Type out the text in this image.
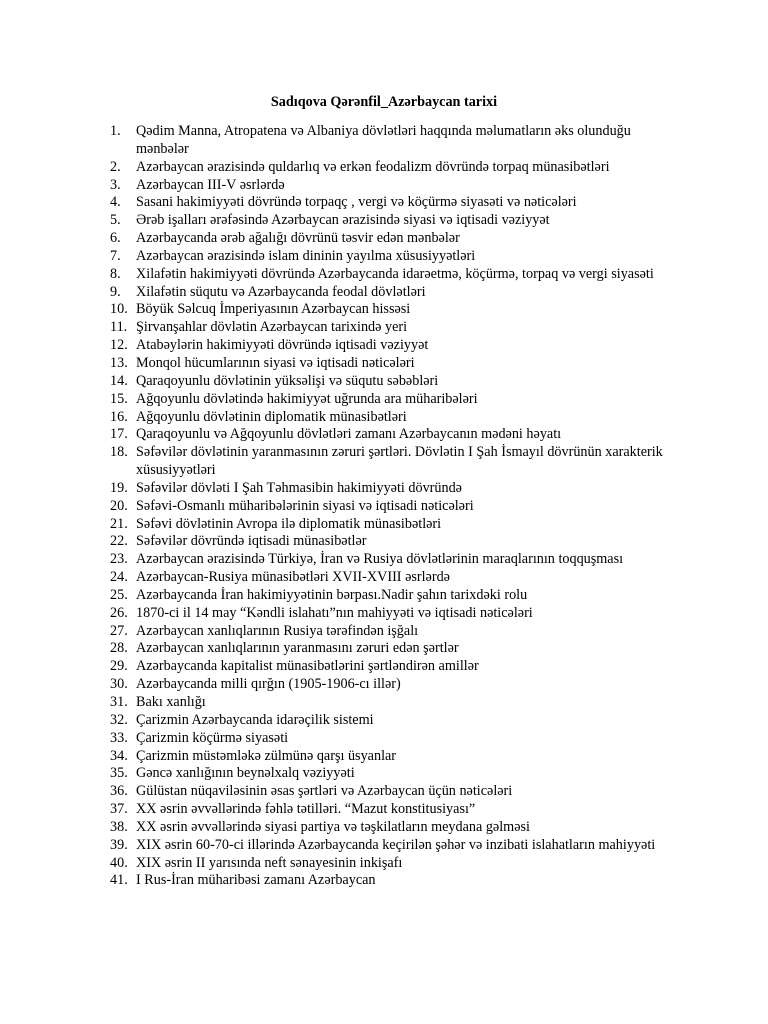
Sadıqova Qərənfil_Azərbaycan tarixi
1.	Qədim Manna, Atropatena və Albaniya dövlətləri haqqında məlumatların əks olunduğu mənbələr
2.	Azərbaycan ərazisində quldarlıq və erkən feodalizm dövründə torpaq münasibətləri
3.	Azərbaycan III-V əsrlərdə
4.	Sasani hakimiyyəti dövründə torpaqç , vergi və köçürmə siyasəti və nəticələri
5.	Ərəb işalları ərəfəsində Azərbaycan ərazisində siyasi və iqtisadi vəziyyət
6.	Azərbaycanda ərəb ağalığı dövrünü təsvir edən mənbələr
7.	Azərbaycan ərazisində islam dininin yayılma xüsusiyyətləri
8.	Xilafətin hakimiyyəti dövründə Azərbaycanda idarəetmə, köçürmə, torpaq və vergi siyasəti
9.	Xilafətin süqutu və Azərbaycanda feodal dövlətləri
10. Böyük Səlcuq İmperiyasının Azərbaycan hissəsi
11. Şirvanşahlar dövlətin Azərbaycan tarixində yeri
12. Atabəylərin hakimiyyəti dövründə iqtisadi vəziyyət
13. Monqol hücumlarının siyasi və iqtisadi nəticələri
14. Qaraqoyunlu dövlətinin yüksəlişi və süqutu səbəbləri
15. Ağqoyunlu dövlətində hakimiyyət uğrunda ara müharibələri
16. Ağqoyunlu dövlətinin diplomatik münasibətləri
17. Qaraqoyunlu və Ağqoyunlu dövlətləri zamanı Azərbaycanın mədəni həyatı
18. Səfəvilər dövlətinin yaranmasının zəruri şərtləri. Dövlətin I Şah İsmayıl dövrünün xarakterik xüsusiyyətləri
19. Səfəvilər dövləti I Şah Təhmasibin hakimiyyəti dövründə
20. Səfəvi-Osmanlı müharibələrinin siyasi və iqtisadi nəticələri
21. Səfəvi dövlətinin Avropa ilə diplomatik münasibətləri
22. Səfəvilər dövründə iqtisadi münasibətlər
23. Azərbaycan ərazisində Türkiyə, İran və Rusiya dövlətlərinin maraqlarının toqquşması
24. Azərbaycan-Rusiya münasibətləri XVII-XVIII əsrlərdə
25. Azərbaycanda İran hakimiyyətinin bərpası.Nadir şahın tarixdəki rolu
26. 1870-ci il 14 may “Kəndli islahatı”nın mahiyyəti və iqtisadi nəticələri
27. Azərbaycan xanlıqlarının Rusiya tərəfindən işğalı
28. Azərbaycan xanlıqlarının yaranmasını zəruri edən şərtlər
29. Azərbaycanda kapitalist münasibətlərini şərtləndirən amillər
30. Azərbaycanda milli qırğın (1905-1906-cı illər)
31. Bakı xanlığı
32. Çarizmin Azərbaycanda idarəçilik sistemi
33. Çarizmin köçürmə siyasəti
34. Çarizmin müstəmləkə zülmünə qarşı üsyanlar
35. Gəncə xanlığının beynəlxalq vəziyyəti
36. Gülüstan nüqaviləsinin əsas şərtləri və Azərbaycan üçün nəticələri
37. XX əsrin əvvəllərində fəhlə tətilləri. “Mazut konstitusiyası”
38. XX əsrin əvvəllərində siyasi partiya və təşkilatların meydana gəlməsi
39. XIX əsrin 60-70-ci illərində Azərbaycanda keçirilən şəhər və inzibati islahatların mahiyyəti
40. XIX əsrin II yarısında neft sənayesinin inkişafı
41. I Rus-İran müharibəsi zamanı Azərbaycan
